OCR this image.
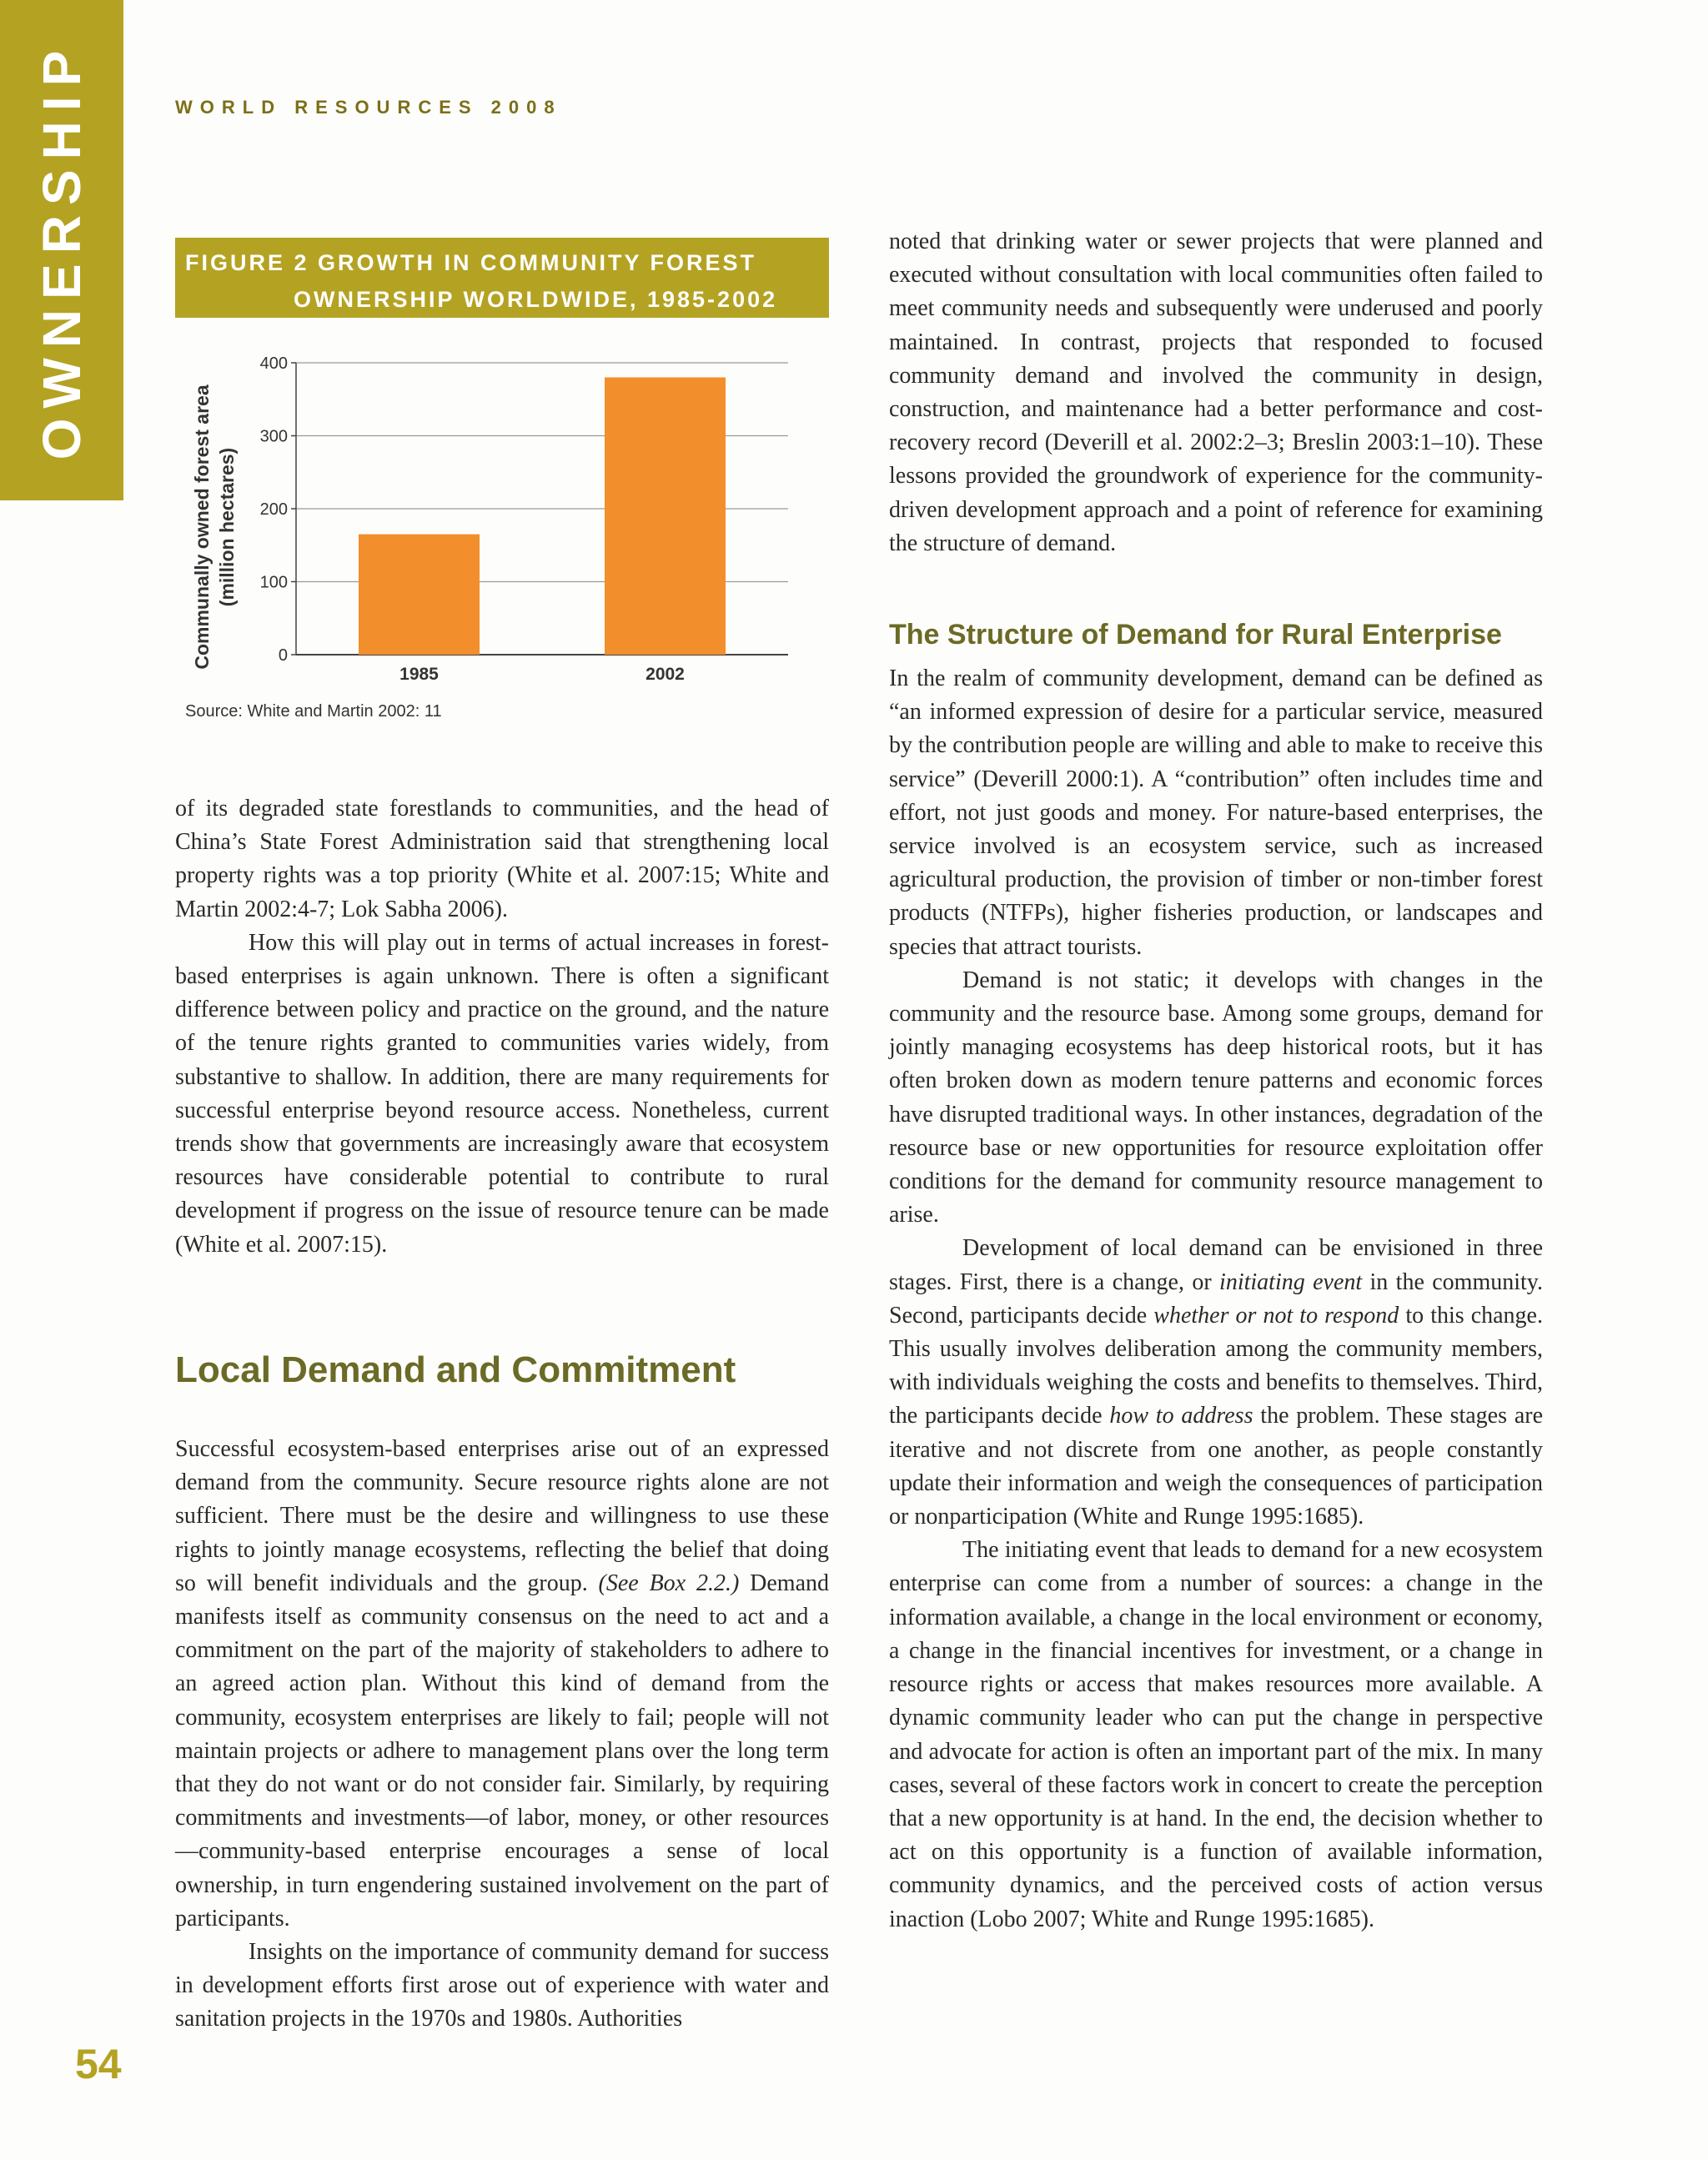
OWNERSHIP	WORLD RESOURCES 2008
FIGURE 2 GROWTH IN COMMUNITY FOREST
OWNERSHIP WORLDWIDE, 1985-2002
0
100
200
300
400
1985	2002
Communally owned forest area (million hectares)
Source: White and Martin 2002: 11

of its degraded state forestlands to communities, and the head of China’s State Forest Administration said that strengthening local property rights was a top priority (White et al. 2007:15; White and Martin 2002:4-7; Lok Sabha 2006).

How this will play out in terms of actual increases in forest-based enterprises is again unknown. There is often a significant difference between policy and practice on the ground, and the nature of the tenure rights granted to communities varies widely, from substantive to shallow. In addition, there are many requirements for successful enterprise beyond resource access. Nonetheless, current trends show that governments are increasingly aware that ecosystem resources have considerable potential to contribute to rural development if progress on the issue of resource tenure can be made (White et al. 2007:15).

Local Demand and Commitment

Successful ecosystem-based enterprises arise out of an expressed demand from the community. Secure resource rights alone are not sufficient. There must be the desire and willingness to use these rights to jointly manage ecosystems, reflecting the belief that doing so will benefit individuals and the group. (See Box 2.2.) Demand manifests itself as community consensus on the need to act and a commitment on the part of the majority of stakeholders to adhere to an agreed action plan. Without this kind of demand from the community, ecosystem enterprises are likely to fail; people will not maintain projects or adhere to management plans over the long term that they do not want or do not consider fair. Similarly, by requiring commitments and investments—of labor, money, or other resources—community-based enterprise encourages a sense of local ownership, in turn engendering sustained involvement on the part of participants.

Insights on the importance of community demand for success in development efforts first arose out of experience with water and sanitation projects in the 1970s and 1980s. Authorities

noted that drinking water or sewer projects that were planned and executed without consultation with local communities often failed to meet community needs and subsequently were underused and poorly maintained. In contrast, projects that responded to focused community demand and involved the community in design, construction, and maintenance had a better performance and cost-recovery record (Deverill et al. 2002:2–3; Breslin 2003:1–10). These lessons provided the groundwork of experience for the community-driven development approach and a point of reference for examining the structure of demand.

The Structure of Demand for Rural Enterprise

In the realm of community development, demand can be defined as “an informed expression of desire for a particular service, measured by the contribution people are willing and able to make to receive this service” (Deverill 2000:1). A “contribution” often includes time and effort, not just goods and money. For nature-based enterprises, the service involved is an ecosystem service, such as increased agricultural production, the provision of timber or non-timber forest products (NTFPs), higher fisheries production, or landscapes and species that attract tourists.

Demand is not static; it develops with changes in the community and the resource base. Among some groups, demand for jointly managing ecosystems has deep historical roots, but it has often broken down as modern tenure patterns and economic forces have disrupted traditional ways. In other instances, degradation of the resource base or new opportunities for resource exploitation offer conditions for the demand for community resource management to arise.

Development of local demand can be envisioned in three stages. First, there is a change, or initiating event in the community. Second, participants decide whether or not to respond to this change. This usually involves deliberation among the community members, with individuals weighing the costs and benefits to themselves. Third, the participants decide how to address the problem. These stages are iterative and not discrete from one another, as people constantly update their information and weigh the consequences of participation or nonparticipation (White and Runge 1995:1685).

The initiating event that leads to demand for a new ecosystem enterprise can come from a number of sources: a change in the information available, a change in the local environment or economy, a change in the financial incentives for investment, or a change in resource rights or access that makes resources more available. A dynamic community leader who can put the change in perspective and advocate for action is often an important part of the mix. In many cases, several of these factors work in concert to create the perception that a new opportunity is at hand. In the end, the decision whether to act on this opportunity is a function of available information, community dynamics, and the perceived costs of action versus inaction (Lobo 2007; White and Runge 1995:1685).

54
